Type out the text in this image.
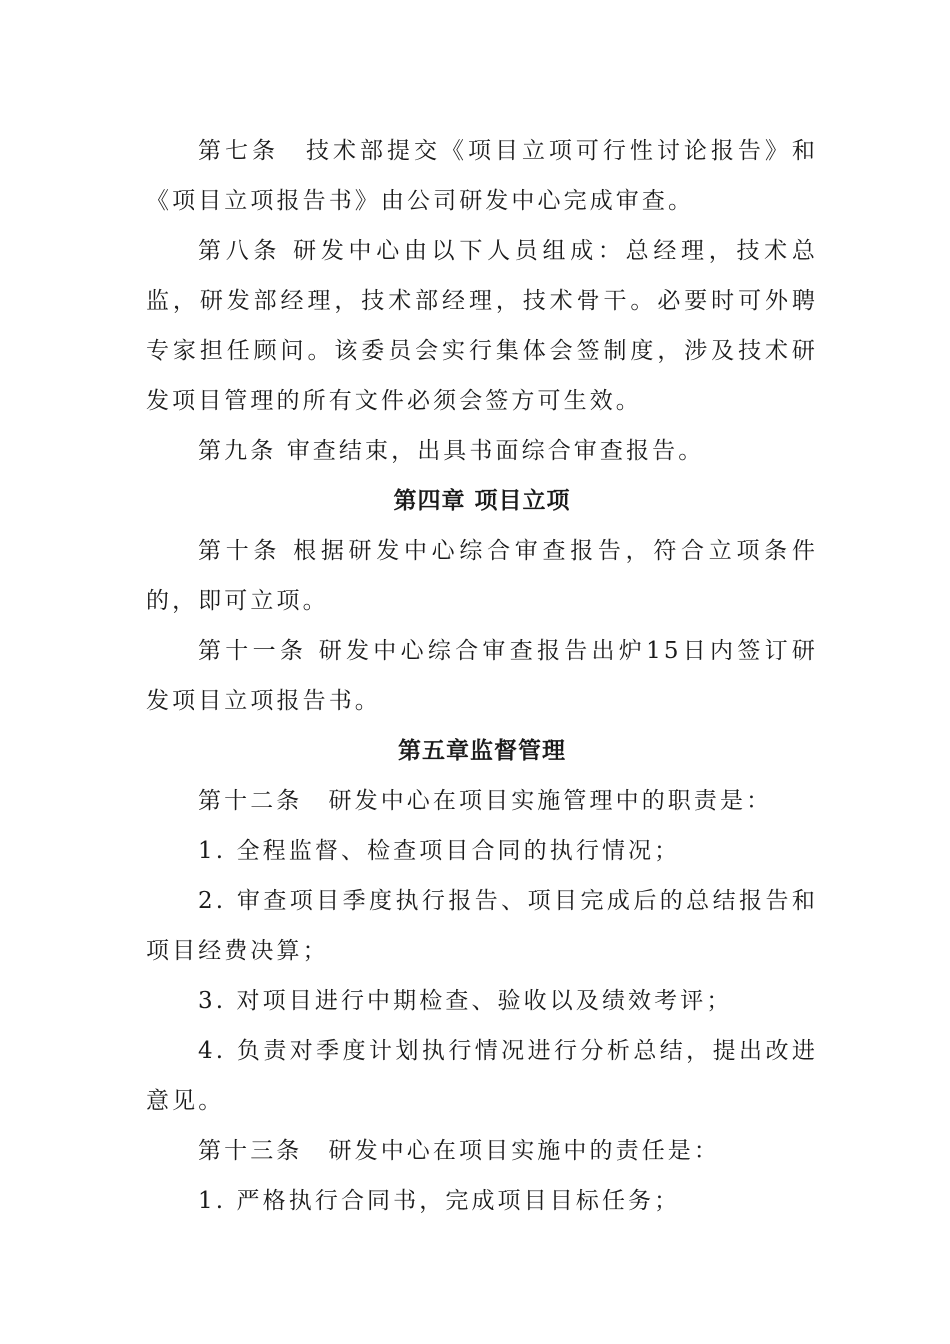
第七条　技术部提交《项目立项可行性讨论报告》和《项目立项报告书》由公司研发中心完成审查。

第八条 研发中心由以下人员组成：总经理，技术总监，研发部经理，技术部经理，技术骨干。必要时可外聘专家担任顾问。该委员会实行集体会签制度，涉及技术研发项目管理的所有文件必须会签方可生效。

第九条 审查结束，出具书面综合审查报告。

第四章 项目立项

第十条 根据研发中心综合审查报告，符合立项条件的，即可立项。

第十一条 研发中心综合审查报告出炉15日内签订研发项目立项报告书。

第五章监督管理

第十二条　研发中心在项目实施管理中的职责是：

1. 全程监督、检查项目合同的执行情况；

2. 审查项目季度执行报告、项目完成后的总结报告和项目经费决算；

3. 对项目进行中期检查、验收以及绩效考评；

4. 负责对季度计划执行情况进行分析总结，提出改进意见。

第十三条　研发中心在项目实施中的责任是：

1. 严格执行合同书，完成项目目标任务；
